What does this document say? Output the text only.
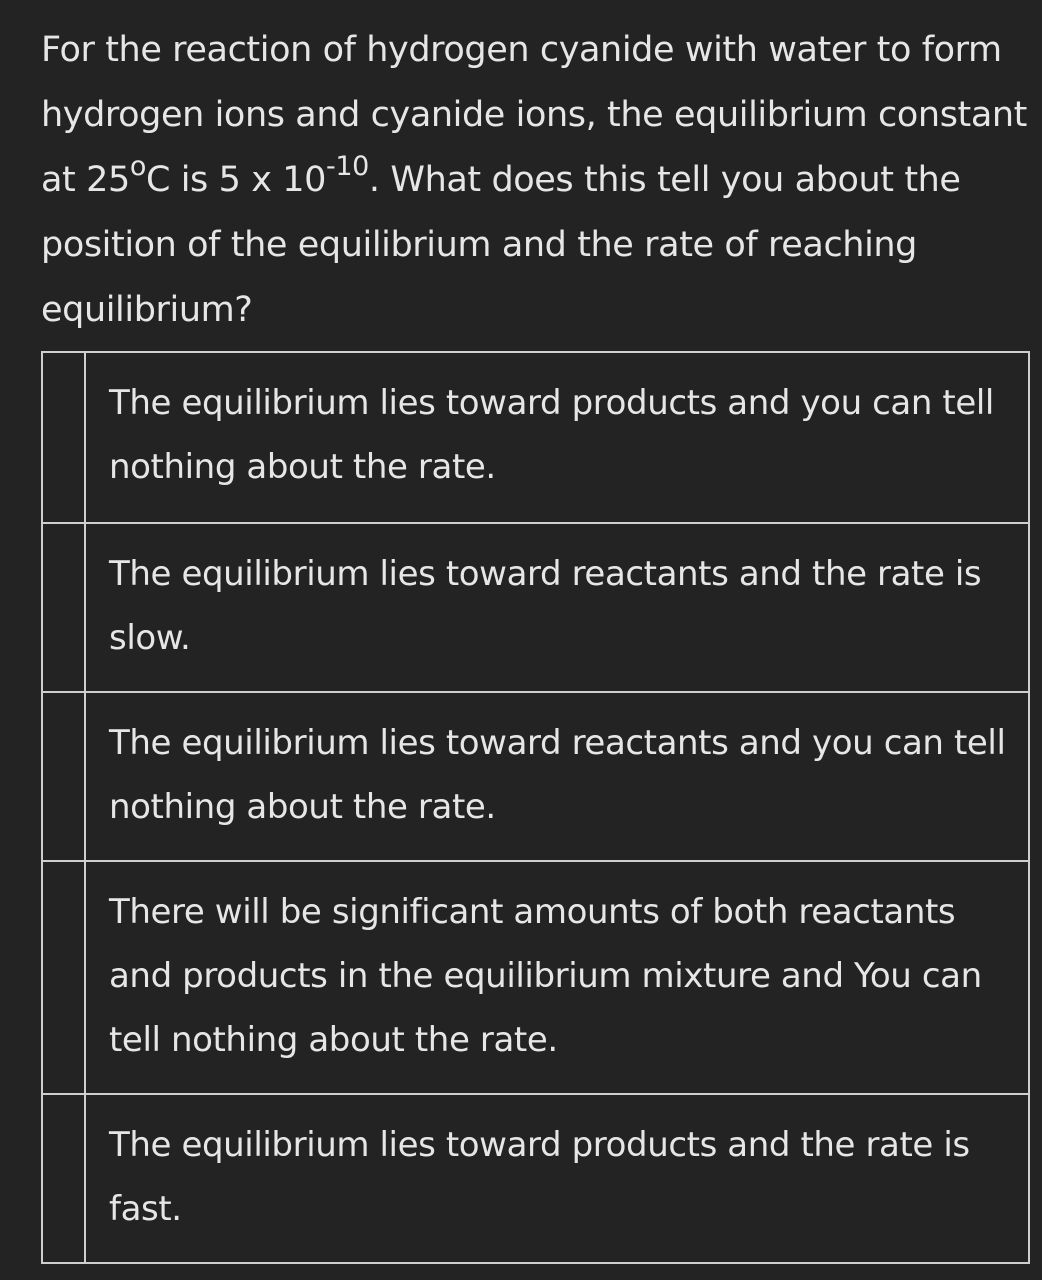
For the reaction of hydrogen cyanide with water to form hydrogen ions and cyanide ions, the equilibrium constant at 25$^o$C is 5 x $10^{-10}$. What does this tell you about the position of the equilibrium and the rate of reaching equilibrium?

The equilibrium lies toward products and you can tell nothing about the rate.
The equilibrium lies toward reactants and the rate is slow.
The equilibrium lies toward reactants and you can tell nothing about the rate.
There will be significant amounts of both reactants and products in the equilibrium mixture and You can tell nothing about the rate.
The equilibrium lies toward products and the rate is fast.
